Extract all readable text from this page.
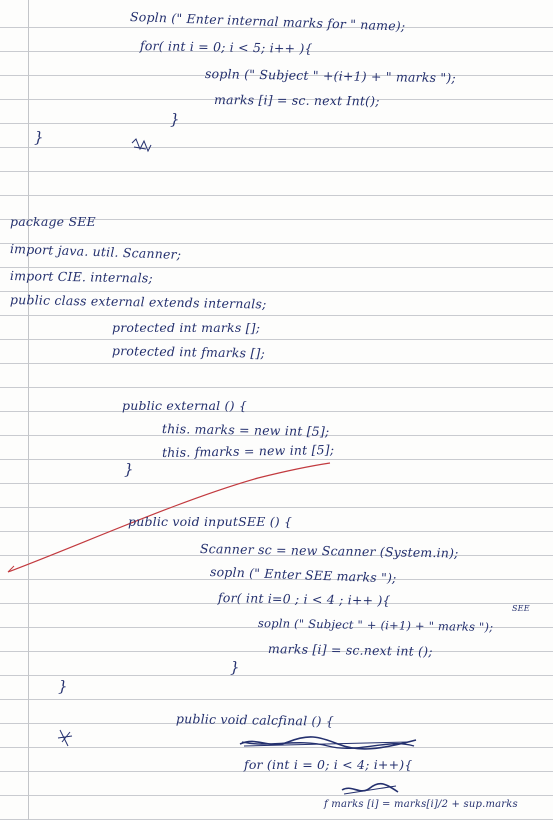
Sopln (" Enter internal marks for " name);
for( int i = 0; i < 5; i++ ){
sopln (" Subject " +(i+1) + " marks ");
marks [i] = sc. next Int();
}
}
package SEE
import java. util. Scanner;
import CIE. internals;
public class external extends internals;
protected int marks [];
protected int fmarks [];
public external () {
this. marks = new int [5];
this. fmarks = new int [5];
}
public void inputSEE () {
Scanner sc = new Scanner (System.in);
sopln (" Enter SEE marks ");
for( int i=0 ; i < 4 ; i++ ){
sopln (" Subject " + (i+1) + " marks ");
SEE
marks [i] = sc.next int ();
}
}
public void calcfinal () {
for (int i = 0; i < 4; i++){
f marks [i] = marks[i]/2 + sup.marks
